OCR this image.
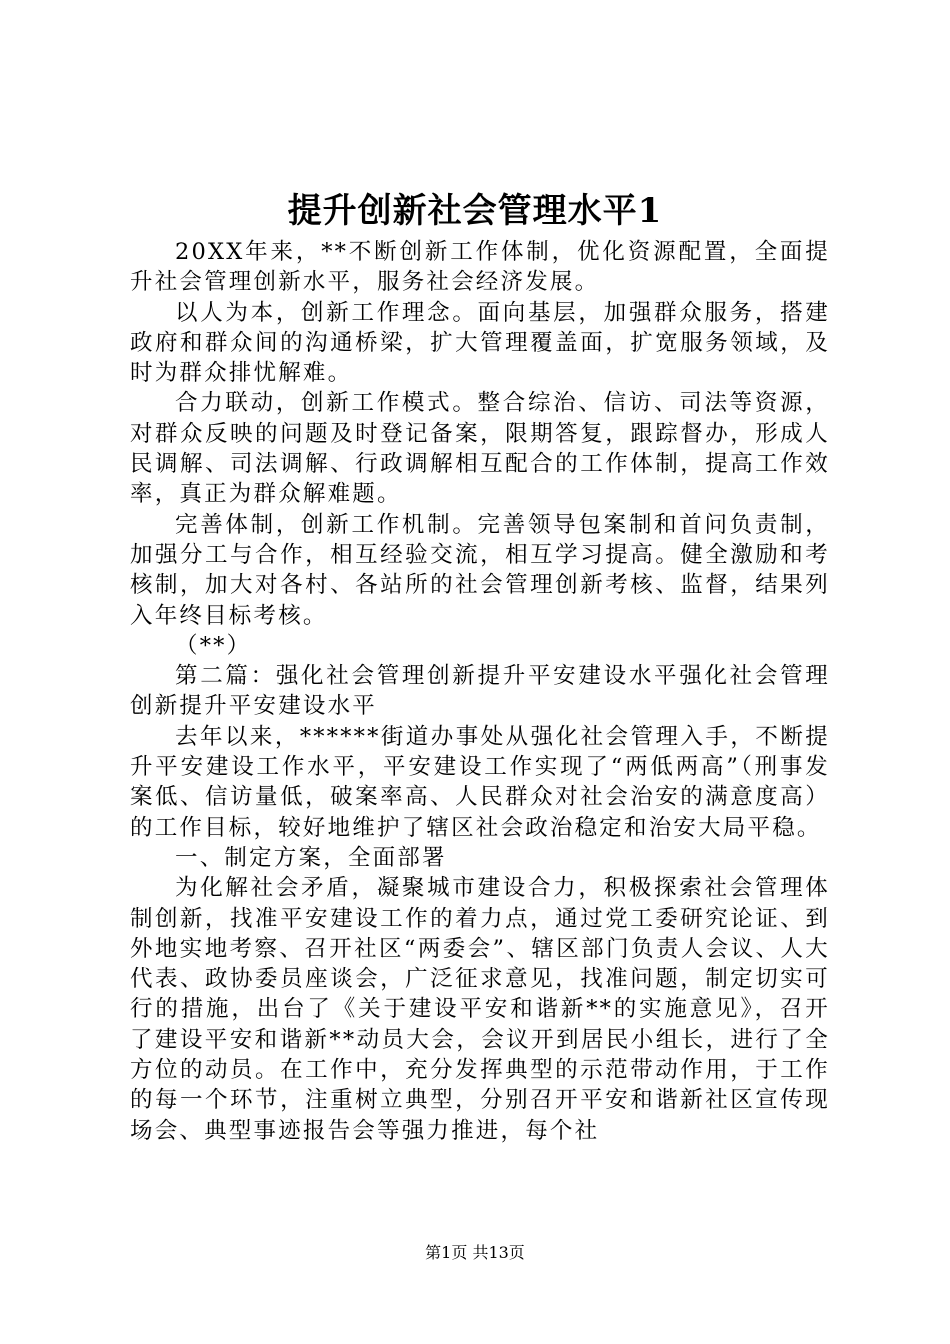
提升创新社会管理水平1

20XX年来，**不断创新工作体制，优化资源配置，全面提升社会管理创新水平，服务社会经济发展。

以人为本，创新工作理念。面向基层，加强群众服务，搭建政府和群众间的沟通桥梁，扩大管理覆盖面，扩宽服务领域，及时为群众排忧解难。

合力联动，创新工作模式。整合综治、信访、司法等资源，对群众反映的问题及时登记备案，限期答复，跟踪督办，形成人民调解、司法调解、行政调解相互配合的工作体制，提高工作效率，真正为群众解难题。

完善体制，创新工作机制。完善领导包案制和首问负责制，加强分工与合作，相互经验交流，相互学习提高。健全激励和考核制，加大对各村、各站所的社会管理创新考核、监督，结果列入年终目标考核。

（**）

第二篇：强化社会管理创新提升平安建设水平强化社会管理创新提升平安建设水平

去年以来，******街道办事处从强化社会管理入手，不断提升平安建设工作水平，平安建设工作实现了“两低两高”（刑事发案低、信访量低，破案率高、人民群众对社会治安的满意度高）的工作目标，较好地维护了辖区社会政治稳定和治安大局平稳。

一、制定方案，全面部署

为化解社会矛盾，凝聚城市建设合力，积极探索社会管理体制创新，找准平安建设工作的着力点，通过党工委研究论证、到外地实地考察、召开社区“两委会”、辖区部门负责人会议、人大代表、政协委员座谈会，广泛征求意见，找准问题，制定切实可行的措施，出台了《关于建设平安和谐新**的实施意见》，召开了建设平安和谐新**动员大会，会议开到居民小组长，进行了全方位的动员。在工作中，充分发挥典型的示范带动作用，于工作的每一个环节，注重树立典型，分别召开平安和谐新社区宣传现场会、典型事迹报告会等强力推进，每个社

第1页 共13页
